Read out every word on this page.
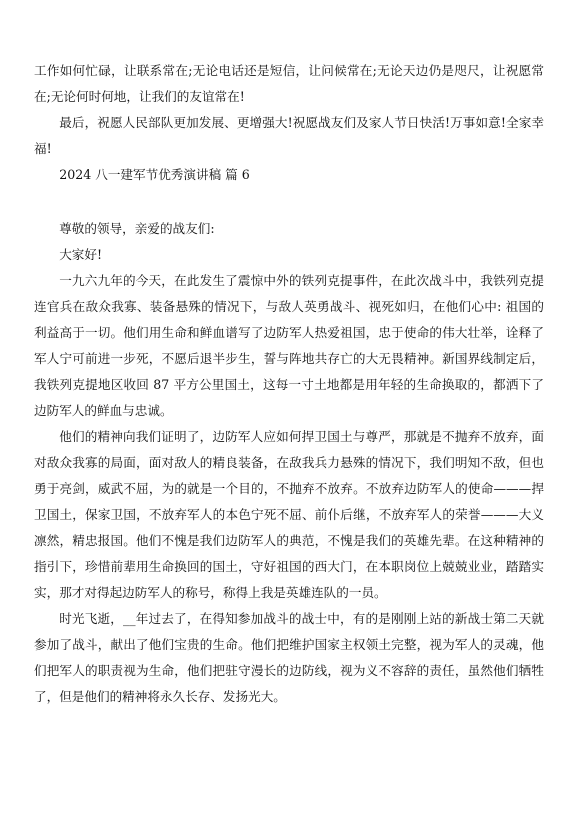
工作如何忙碌，让联系常在;无论电话还是短信，让问候常在;无论天边仍是咫尺，让祝愿常在;无论何时何地，让我们的友谊常在!

最后，祝愿人民部队更加发展、更增强大!祝愿战友们及家人节日快活!万事如意!全家幸福!

2024 八一建军节优秀演讲稿 篇 6

尊敬的领导，亲爱的战友们:

大家好!

一九六九年的今天，在此发生了震惊中外的铁列克提事件，在此次战斗中，我铁列克提连官兵在敌众我寡、装备悬殊的情况下，与敌人英勇战斗、视死如归，在他们心中: 祖国的利益高于一切。他们用生命和鲜血谱写了边防军人热爱祖国，忠于使命的伟大壮举，诠释了军人宁可前进一步死，不愿后退半步生，誓与阵地共存亡的大无畏精神。新国界线制定后，我铁列克提地区收回 87 平方公里国土，这每一寸土地都是用年轻的生命换取的，都洒下了边防军人的鲜血与忠诚。

他们的精神向我们证明了，边防军人应如何捍卫国土与尊严，那就是不抛弃不放弃，面对敌众我寡的局面，面对敌人的精良装备，在敌我兵力悬殊的情况下，我们明知不敌，但也勇于亮剑，威武不屈，为的就是一个目的，不抛弃不放弃。不放弃边防军人的使命———捍卫国土，保家卫国，不放弃军人的本色宁死不屈、前仆后继，不放弃军人的荣誉———大义凛然，精忠报国。他们不愧是我们边防军人的典范，不愧是我们的英雄先辈。在这种精神的指引下，珍惜前辈用生命换回的国土，守好祖国的西大门，在本职岗位上兢兢业业，踏踏实实，那才对得起边防军人的称号，称得上我是英雄连队的一员。

时光飞逝，__年过去了，在得知参加战斗的战士中，有的是刚刚上站的新战士第二天就参加了战斗，献出了他们宝贵的生命。他们把维护国家主权领土完整，视为军人的灵魂，他们把军人的职责视为生命，他们把驻守漫长的边防线，视为义不容辞的责任，虽然他们牺牲了，但是他们的精神将永久长存、发扬光大。
